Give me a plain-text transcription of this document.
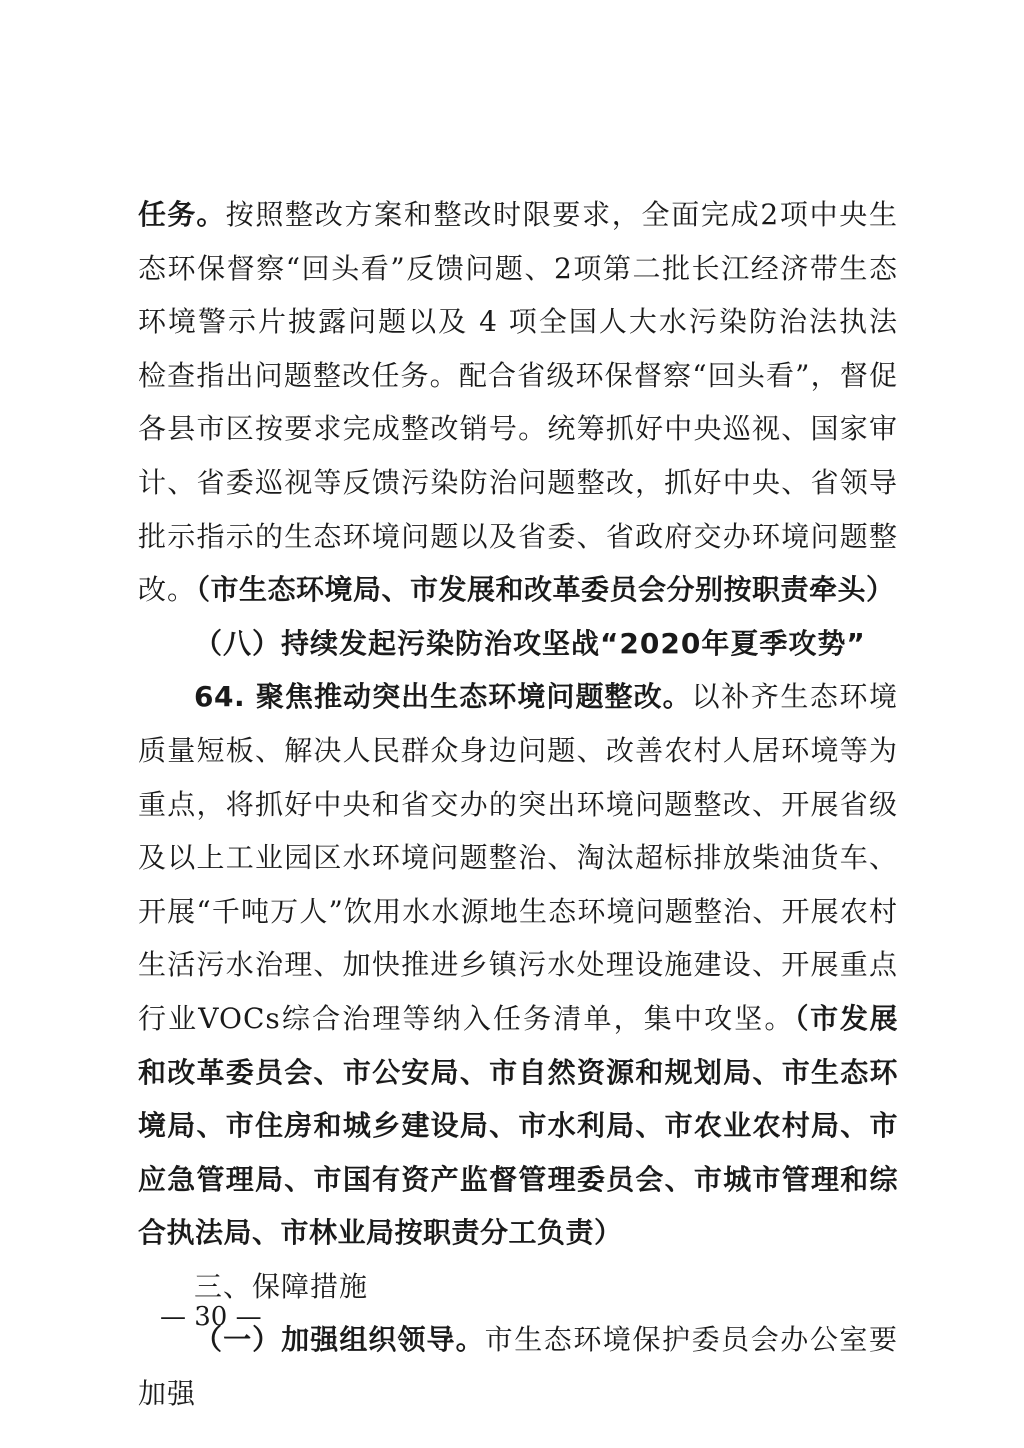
任务。按照整改方案和整改时限要求，全面完成2项中央生态环保督察“回头看”反馈问题、2项第二批长江经济带生态环境警示片披露问题以及 4 项全国人大水污染防治法执法检查指出问题整改任务。配合省级环保督察“回头看”，督促各县市区按要求完成整改销号。统筹抓好中央巡视、国家审计、省委巡视等反馈污染防治问题整改，抓好中央、省领导批示指示的生态环境问题以及省委、省政府交办环境问题整改。（市生态环境局、市发展和改革委员会分别按职责牵头）

（八）持续发起污染防治攻坚战“2020年夏季攻势”

64. 聚焦推动突出生态环境问题整改。以补齐生态环境质量短板、解决人民群众身边问题、改善农村人居环境等为重点，将抓好中央和省交办的突出环境问题整改、开展省级及以上工业园区水环境问题整治、淘汰超标排放柴油货车、开展“千吨万人”饮用水水源地生态环境问题整治、开展农村生活污水治理、加快推进乡镇污水处理设施建设、开展重点行业VOCs综合治理等纳入任务清单，集中攻坚。（市发展和改革委员会、市公安局、市自然资源和规划局、市生态环境局、市住房和城乡建设局、市水利局、市农业农村局、市应急管理局、市国有资产监督管理委员会、市城市管理和综合执法局、市林业局按职责分工负责）

三、保障措施

（一）加强组织领导。市生态环境保护委员会办公室要加强

— 30 —
